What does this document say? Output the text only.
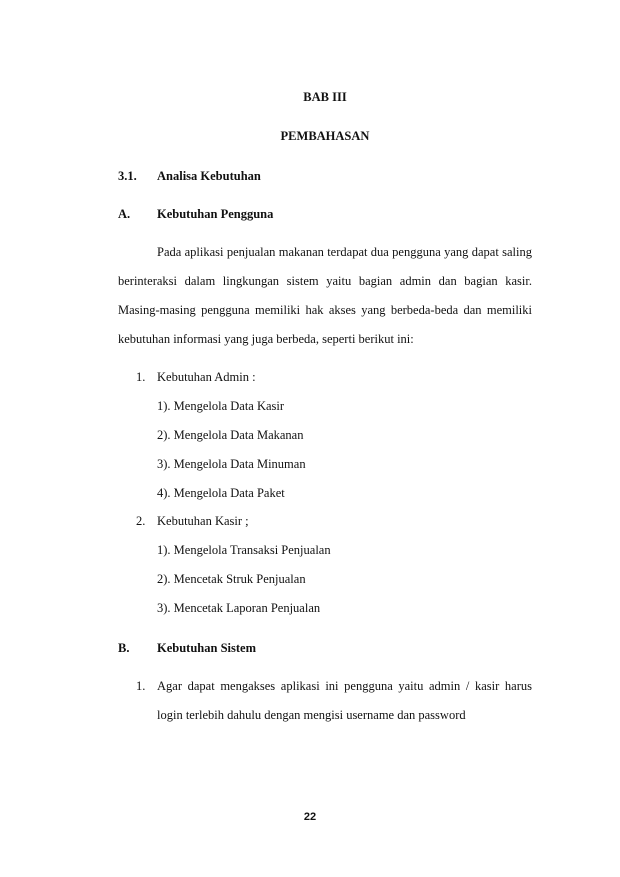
BAB III
PEMBAHASAN
3.1. Analisa Kebutuhan
A. Kebutuhan Pengguna
Pada aplikasi penjualan makanan terdapat dua pengguna yang dapat saling
berinteraksi dalam lingkungan sistem yaitu bagian admin dan bagian kasir.
Masing-masing pengguna memiliki hak akses yang berbeda-beda dan memiliki
kebutuhan informasi yang juga berbeda, seperti berikut ini:
1. Kebutuhan Admin :
1). Mengelola Data Kasir
2). Mengelola Data Makanan
3). Mengelola Data Minuman
4). Mengelola Data Paket
2. Kebutuhan Kasir ;
1). Mengelola Transaksi Penjualan
2). Mencetak Struk Penjualan
3). Mencetak Laporan Penjualan
B. Kebutuhan Sistem
1. Agar dapat mengakses aplikasi ini pengguna yaitu admin / kasir harus
login terlebih dahulu dengan mengisi username dan password
22
